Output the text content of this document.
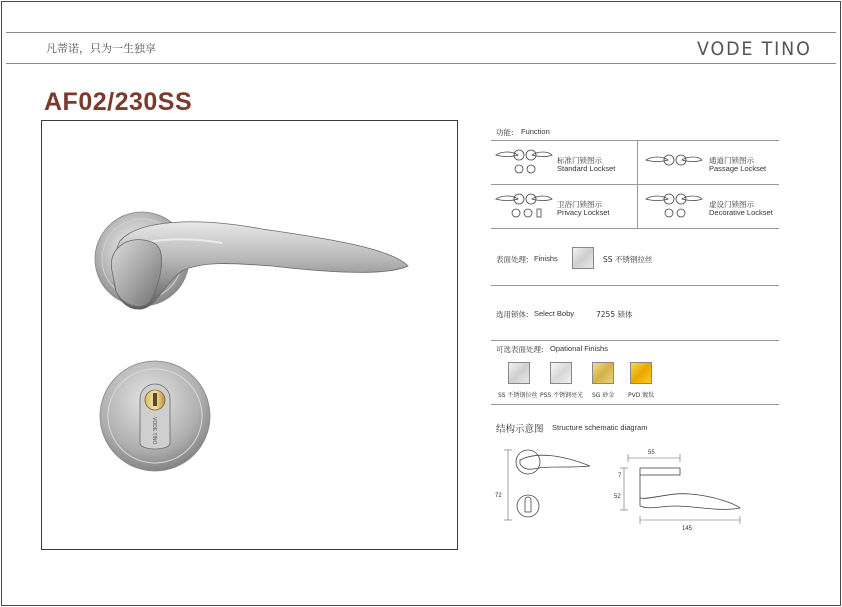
凡蒂诺，只为一生独享	VODE TINO
AF02/230SS
VODE TINO
功能: Function
标准门锁图示
Standard Lockset
通道门锁图示
Passage Lockset
卫浴门锁图示
Privacy Lockset
虚设门锁图示
Decorative Lockset
表面处理: Finishs	SS 不锈钢拉丝
选用锁体: Select Boby	7255 锁体
可选表面处理: Opational Finishs
SS 不锈钢拉丝 PSS 不锈钢亮光 SG 砂金 PVD 镀钛
结构示意图 Structure schematic diagram
55
7
52
72
145
